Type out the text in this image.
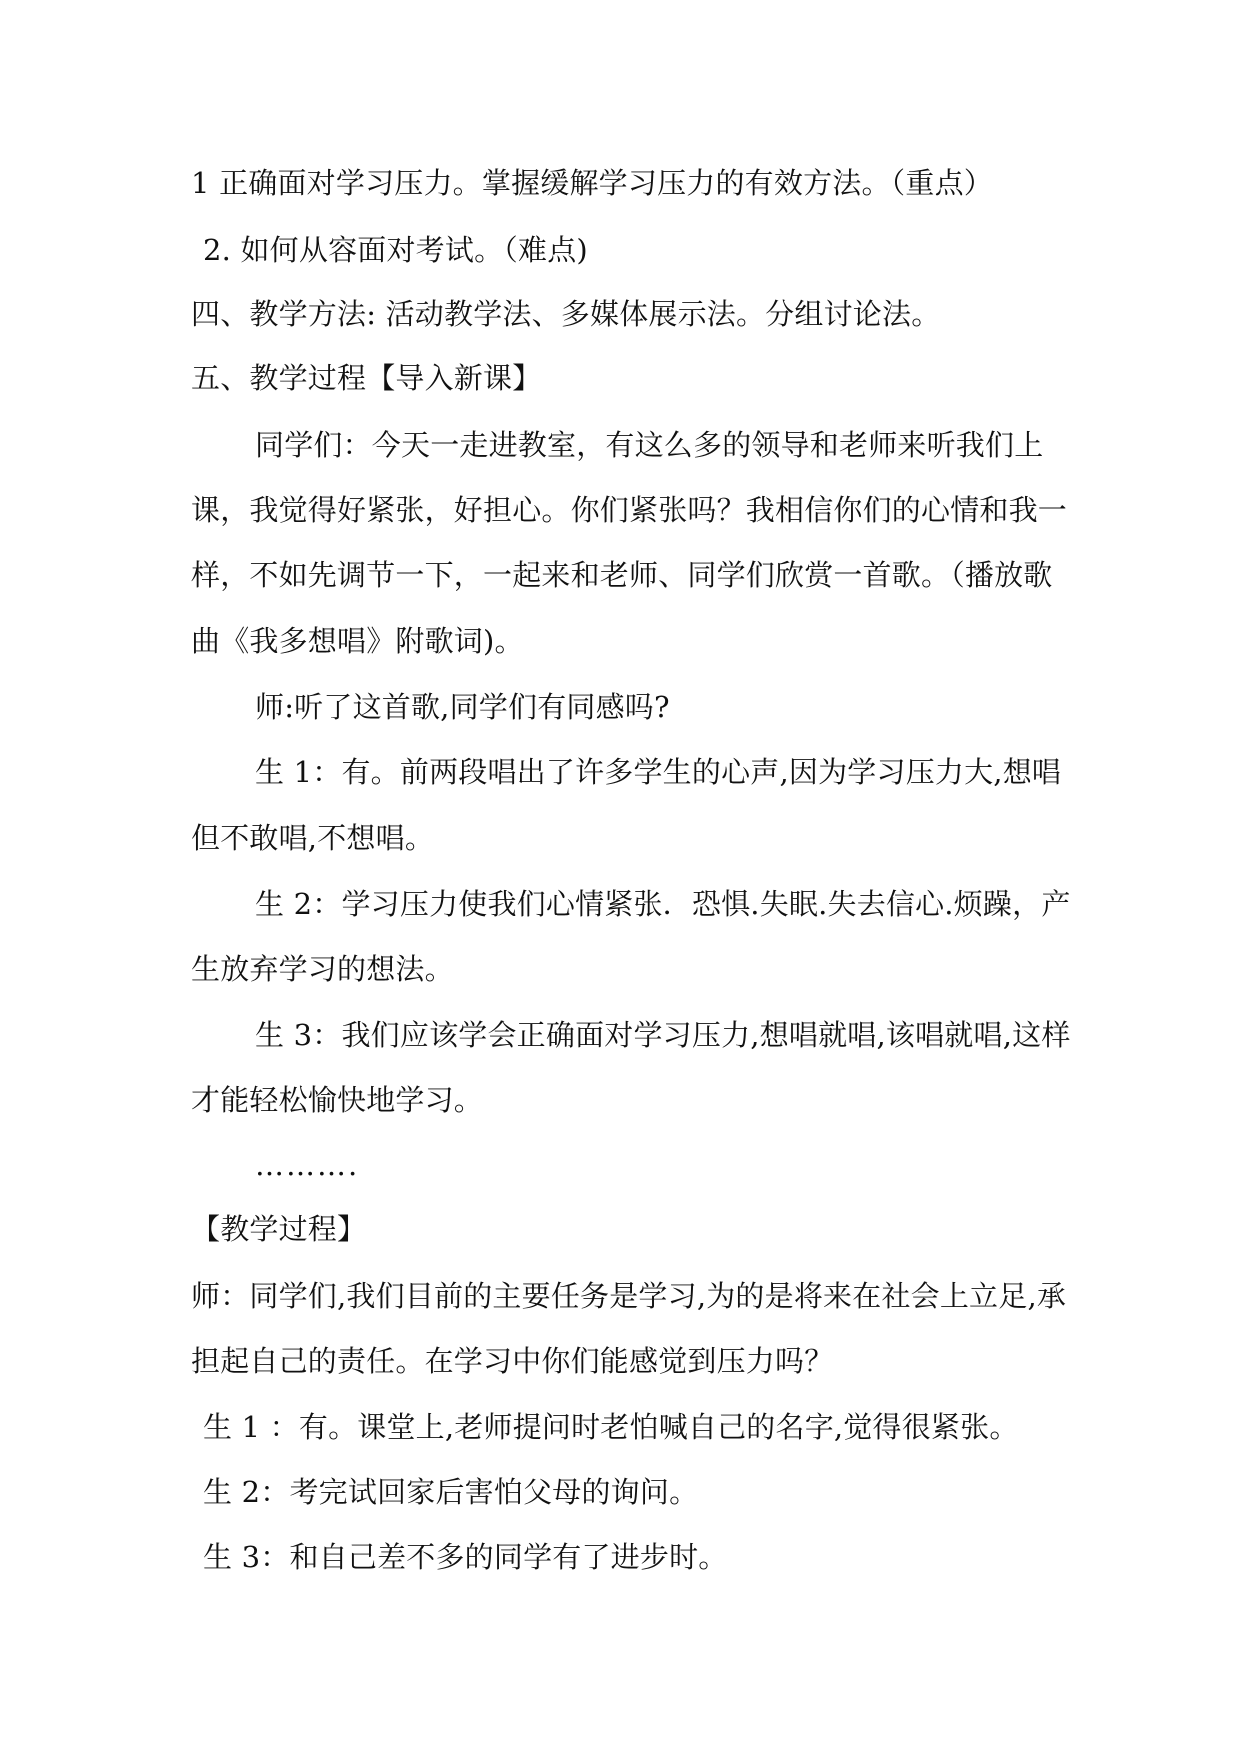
1 正确面对学习压力。掌握缓解学习压力的有效方法。（重点）
2. 如何从容面对考试。（难点)
四、教学方法: 活动教学法、多媒体展示法。分组讨论法。
五、教学过程【导入新课】
同学们：今天一走进教室，有这么多的领导和老师来听我们上
课，我觉得好紧张，好担心。你们紧张吗？我相信你们的心情和我一
样，不如先调节一下，一起来和老师、同学们欣赏一首歌。（播放歌
曲《我多想唱》附歌词)。
师:听了这首歌,同学们有同感吗?
生 1：有。前两段唱出了许多学生的心声,因为学习压力大,想唱
但不敢唱,不想唱。
生 2：学习压力使我们心情紧张．恐惧.失眠.失去信心.烦躁，产
生放弃学习的想法。
生 3：我们应该学会正确面对学习压力,想唱就唱,该唱就唱,这样
才能轻松愉快地学习。
……….
【教学过程】
师：同学们,我们目前的主要任务是学习,为的是将来在社会上立足,承
担起自己的责任。在学习中你们能感觉到压力吗？
生 1 ：有。课堂上,老师提问时老怕喊自己的名字,觉得很紧张。
生 2：考完试回家后害怕父母的询问。
生 3：和自己差不多的同学有了进步时。
